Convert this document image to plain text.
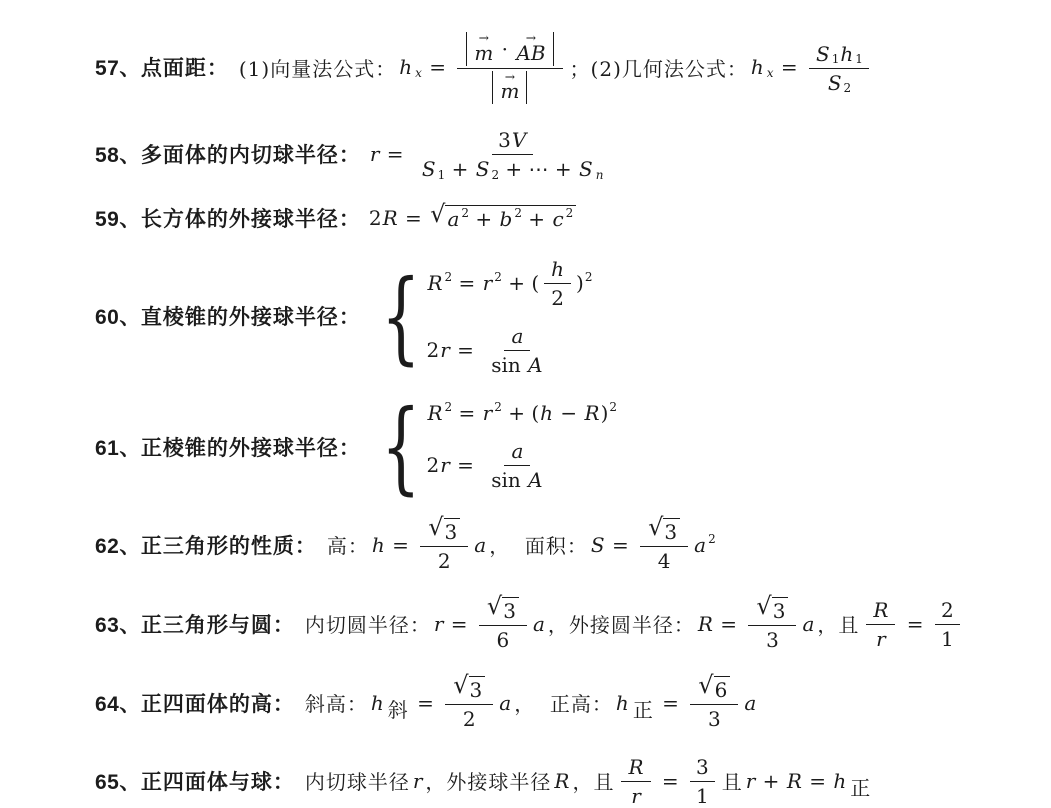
57、 点面距： (1)向量法公式： h x = →
m · →
AB
→
m ；(2)几何法公式： h $x = \frac{S 1 h 1}{S 2}$
58、 多面体的内切球半径： $r = \frac{3 V}{\text{S 1 + S 2 + ⋯ + S n}}$
59、 长方体的外接球半径： 2 R = √ a 2 + b 2 + c 2
60、 直棱锥的外接球半径： { R 2 = r 2 + ( $\frac{h}{2}$ ) 2
2 $r = \frac{a}{\text{sin A}}$
61、 正棱锥的外接球半径： { R 2 = r 2 + ( h − R ) 2
2 $r = \frac{a}{\text{sin A}}$
62、 正三角形的性质： 高： $h = \frac{√ 3}{2}$ a ，  面积： $S = \frac{√ 3}{4}$ a 2
63、 正三角形与圆： 内切圆半径： $r = \frac{√ 3}{6}$ a ，外接圆半径： $R = \frac{√ 3}{3}$ a ，且 $\frac{R}{r} = \frac{2}{1}$
64、 正四面体的高： 斜高： h 斜 = $\frac{√ 3}{2}$ a ，  正高： h 正 = $\frac{√ 6}{3}$ a
65、 正四面体与球： 内切球半径 r ，外接球半径 R ，且 $\frac{R}{r} = \frac{3}{1}$ 且 r + R = h 正
